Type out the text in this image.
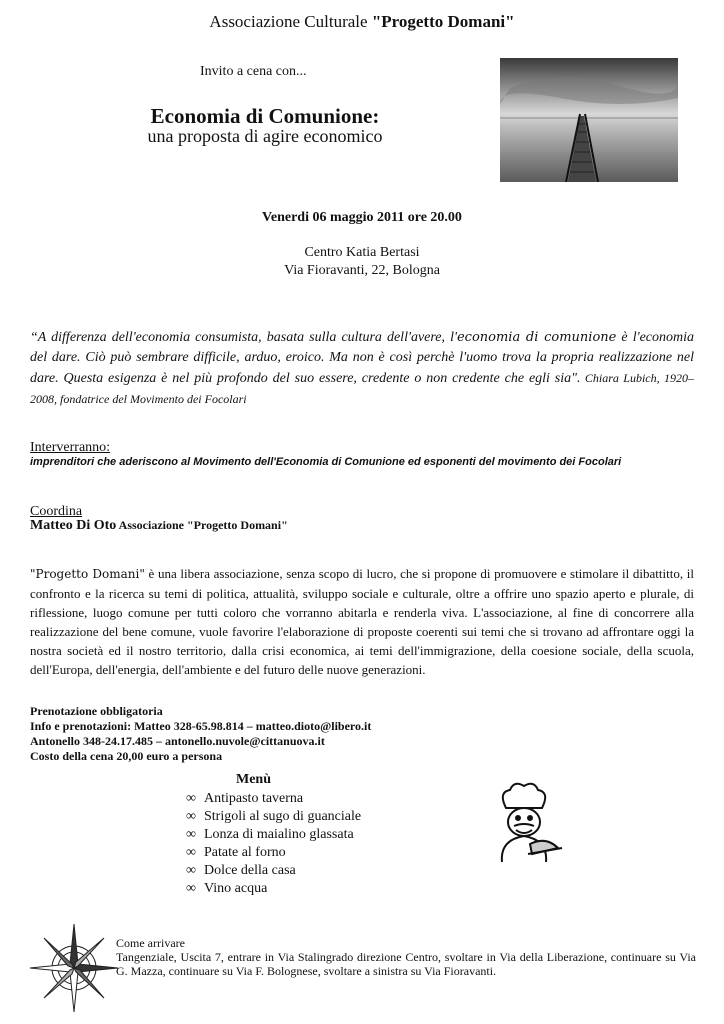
Associazione Culturale "Progetto Domani"
Invito a cena con...
Economia di Comunione:
una proposta di agire economico
Venerdi 06 maggio 2011 ore 20.00
Centro Katia Bertasi
Via Fioravanti, 22, Bologna
“A differenza dell'economia consumista, basata sulla cultura dell'avere, l'economia di comunione è l'economia del dare. Ciò può sembrare difficile, arduo, eroico. Ma non è così perchè l'uomo trova la propria realizzazione nel dare. Questa esigenza è nel più profondo del suo essere, credente o non credente che egli sia". Chiara Lubich, 1920–2008, fondatrice del Movimento dei Focolari
Interverranno:
imprenditori che aderiscono al Movimento dell'Economia di Comunione ed esponenti del movimento dei Focolari
Coordina
Matteo Di Oto Associazione "Progetto Domani"
"Progetto Domani" è una libera associazione, senza scopo di lucro, che si propone di promuovere e stimolare il dibattitto, il confronto e la ricerca su temi di politica, attualità, sviluppo sociale e culturale, oltre a offrire uno spazio aperto e plurale, di riflessione, luogo comune per tutti coloro che vorranno abitarla e renderla viva. L'associazione, al fine di concorrere alla realizzazione del bene comune, vuole favorire l'elaborazione di proposte coerenti sui temi che si trovano ad affrontare oggi la nostra società ed il nostro territorio, dalla crisi economica, ai temi dell'immigrazione, della coesione sociale, della scuola, dell'Europa, dell'energia, dell'ambiente e del futuro delle nuove generazioni.
Prenotazione obbligatoria
Info e prenotazioni: Matteo 328-65.98.814 – matteo.dioto@libero.it
Antonello 348-24.17.485 – antonello.nuvole@cittanuova.it
Costo della cena 20,00 euro a persona
Menù
∞ Antipasto taverna
∞ Strigoli al sugo di guanciale
∞ Lonza di maialino glassata
∞ Patate al forno
∞ Dolce della casa
∞ Vino acqua
Come arrivare
Tangenziale, Uscita 7, entrare in Via Stalingrado direzione Centro, svoltare in Via della Liberazione, continuare su Via G. Mazza, continuare su Via F. Bolognese, svoltare a sinistra su Via Fioravanti.
